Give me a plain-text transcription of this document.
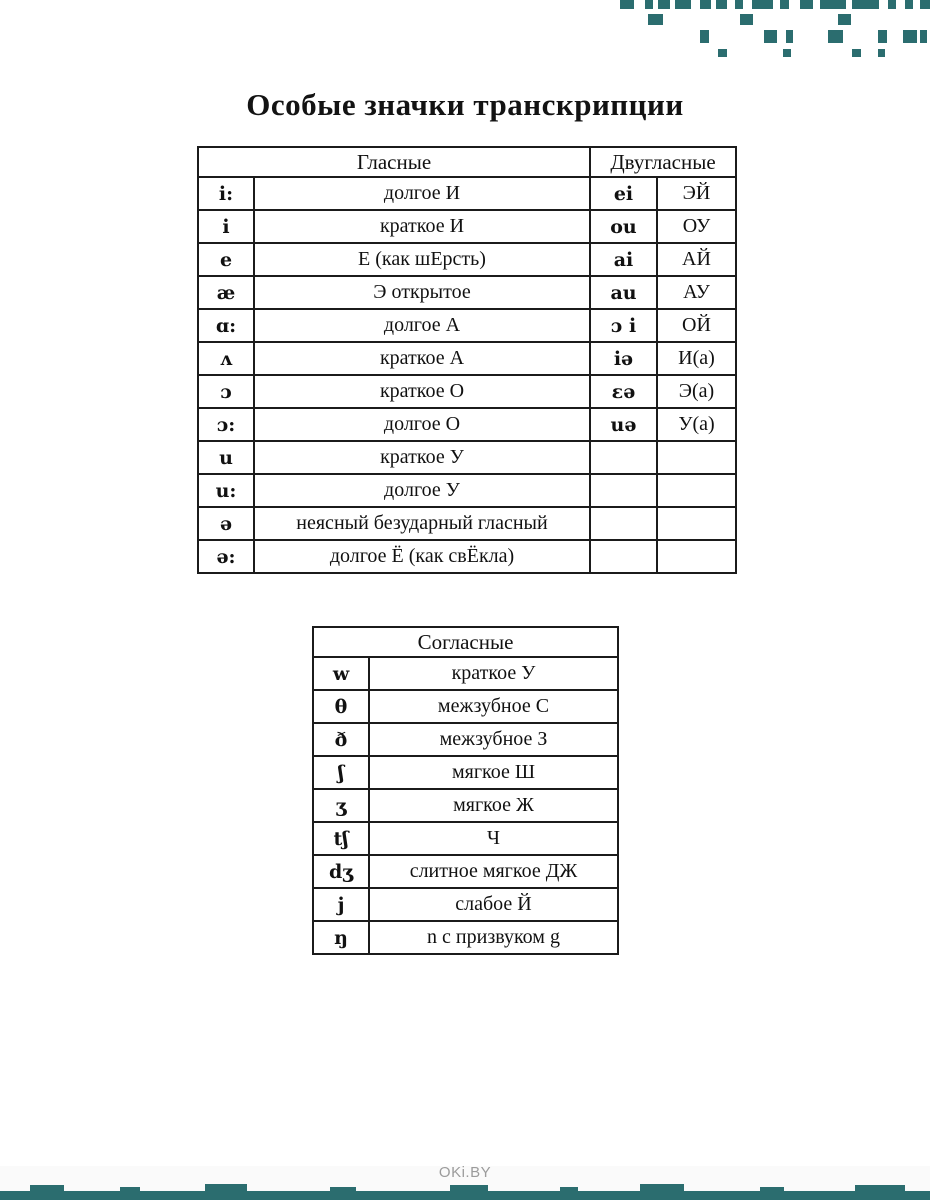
Особые значки транскрипции
Гласные		Двугласные	
i:	долгое И	ei	ЭЙ
i	краткое И	ou	ОУ
e	Е (как шЕрсть)	ai	АЙ
æ	Э открытое	au	АУ
ɑ:	долгое А	ɔ i	ОЙ
ʌ	краткое А	iə	И(а)
ɔ	краткое О	ɛə	Э(а)
ɔ:	долгое О	uə	У(а)
u	краткое У		
u:	долгое У		
ə	неясный безударный гласный		
ə:	долгое Ё (как свЁкла)		
Согласные	
w	краткое У
θ	межзубное С
ð	межзубное З
ʃ	мягкое Ш
ʒ	мягкое Ж
tʃ	Ч
dʒ	слитное мягкое ДЖ
j	слабое Й
ŋ	n с призвуком g
OKi.BY
